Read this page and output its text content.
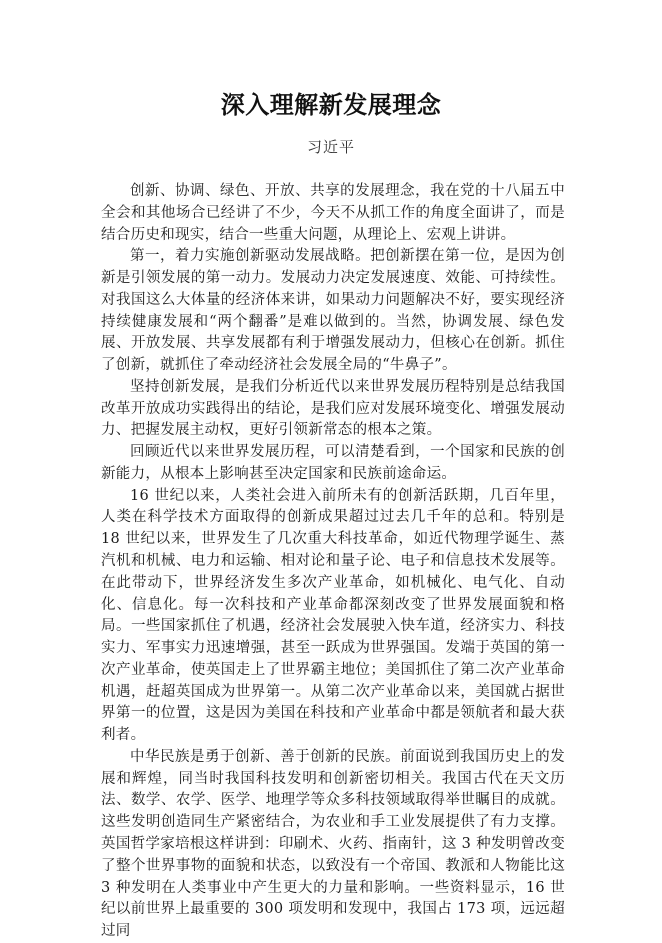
深入理解新发展理念
习近平

创新、协调、绿色、开放、共享的发展理念，我在党的十八届五中全会和其他场合已经讲了不少，今天不从抓工作的角度全面讲了，而是结合历史和现实，结合一些重大问题，从理论上、宏观上讲讲。

第一，着力实施创新驱动发展战略。把创新摆在第一位，是因为创新是引领发展的第一动力。发展动力决定发展速度、效能、可持续性。对我国这么大体量的经济体来讲，如果动力问题解决不好，要实现经济持续健康发展和“两个翻番”是难以做到的。当然，协调发展、绿色发展、开放发展、共享发展都有利于增强发展动力，但核心在创新。抓住了创新，就抓住了牵动经济社会发展全局的“牛鼻子”。

坚持创新发展，是我们分析近代以来世界发展历程特别是总结我国改革开放成功实践得出的结论，是我们应对发展环境变化、增强发展动力、把握发展主动权，更好引领新常态的根本之策。

回顾近代以来世界发展历程，可以清楚看到，一个国家和民族的创新能力，从根本上影响甚至决定国家和民族前途命运。

16 世纪以来，人类社会进入前所未有的创新活跃期，几百年里，人类在科学技术方面取得的创新成果超过过去几千年的总和。特别是 18 世纪以来，世界发生了几次重大科技革命，如近代物理学诞生、蒸汽机和机械、电力和运输、相对论和量子论、电子和信息技术发展等。在此带动下，世界经济发生多次产业革命，如机械化、电气化、自动化、信息化。每一次科技和产业革命都深刻改变了世界发展面貌和格局。一些国家抓住了机遇，经济社会发展驶入快车道，经济实力、科技实力、军事实力迅速增强，甚至一跃成为世界强国。发端于英国的第一次产业革命，使英国走上了世界霸主地位；美国抓住了第二次产业革命机遇，赶超英国成为世界第一。从第二次产业革命以来，美国就占据世界第一的位置，这是因为美国在科技和产业革命中都是领航者和最大获利者。

中华民族是勇于创新、善于创新的民族。前面说到我国历史上的发展和辉煌，同当时我国科技发明和创新密切相关。我国古代在天文历法、数学、农学、医学、地理学等众多科技领域取得举世瞩目的成就。这些发明创造同生产紧密结合，为农业和手工业发展提供了有力支撑。英国哲学家培根这样讲到：印刷术、火药、指南针，这 3 种发明曾改变了整个世界事物的面貌和状态，以致没有一个帝国、教派和人物能比这 3 种发明在人类事业中产生更大的力量和影响。一些资料显示，16 世纪以前世界上最重要的 300 项发明和发现中，我国占 173 项，远远超过同
